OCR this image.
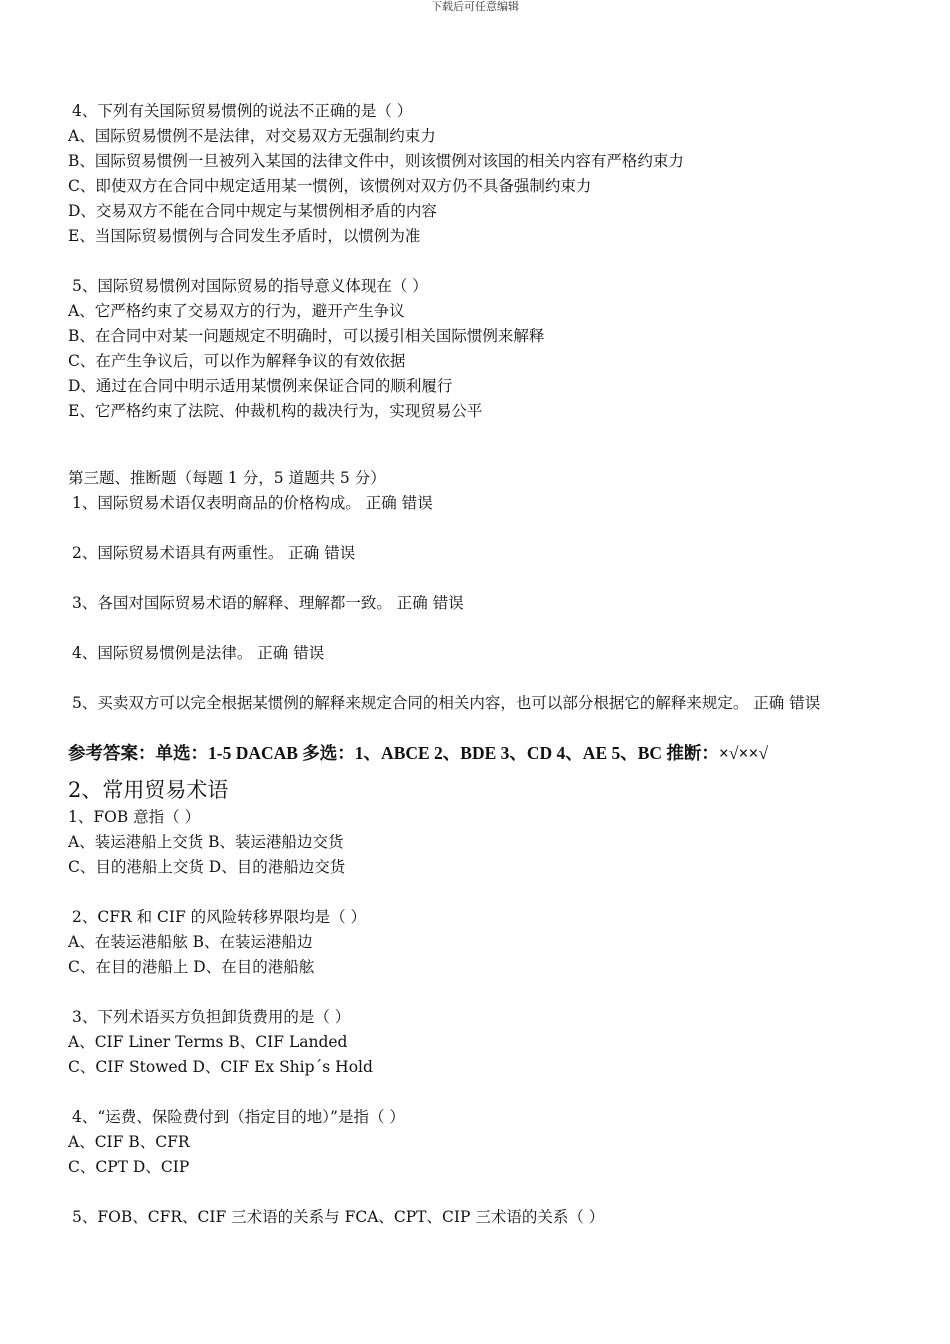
下载后可任意编辑
4、下列有关国际贸易惯例的说法不正确的是（ ）
A、国际贸易惯例不是法律，对交易双方无强制约束力
B、国际贸易惯例一旦被列入某国的法律文件中，则该惯例对该国的相关内容有严格约束力
C、即使双方在合同中规定适用某一惯例，该惯例对双方仍不具备强制约束力
D、交易双方不能在合同中规定与某惯例相矛盾的内容
E、当国际贸易惯例与合同发生矛盾时，以惯例为准
5、国际贸易惯例对国际贸易的指导意义体现在（ ）
A、它严格约束了交易双方的行为，避开产生争议
B、在合同中对某一问题规定不明确时，可以援引相关国际惯例来解释
C、在产生争议后，可以作为解释争议的有效依据
D、通过在合同中明示适用某惯例来保证合同的顺利履行
E、它严格约束了法院、仲裁机构的裁决行为，实现贸易公平
第三题、推断题（每题 1 分，5 道题共 5 分）
1、国际贸易术语仅表明商品的价格构成。 正确 错误
2、国际贸易术语具有两重性。 正确 错误
3、各国对国际贸易术语的解释、理解都一致。 正确 错误
4、国际贸易惯例是法律。 正确 错误
5、买卖双方可以完全根据某惯例的解释来规定合同的相关内容，也可以部分根据它的解释来规定。 正确 错误
参考答案：单选：1-5 DACAB 多选：1、ABCE 2、BDE 3、CD 4、AE 5、BC 推断：×√××√
2、常用贸易术语
1、FOB 意指（ ）
A、装运港船上交货 B、装运港船边交货
C、目的港船上交货 D、目的港船边交货
2、CFR 和 CIF 的风险转移界限均是（ ）
A、在装运港船舷 B、在装运港船边
C、在目的港船上 D、在目的港船舷
3、下列术语买方负担卸货费用的是（ ）
A、CIF Liner Terms B、CIF Landed
C、CIF Stowed D、CIF Ex Ship´s Hold
4、“运费、保险费付到（指定目的地）”是指（ ）
A、CIF B、CFR
C、CPT D、CIP
5、FOB、CFR、CIF 三术语的关系与 FCA、CPT、CIP 三术语的关系（ ）
